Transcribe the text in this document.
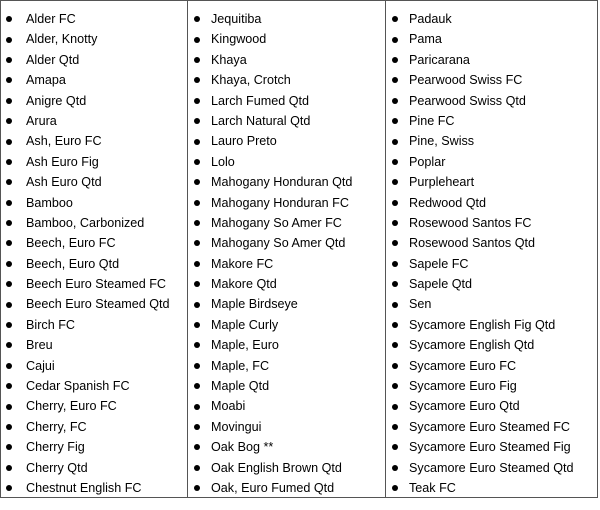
Alder FC
Alder, Knotty
Alder Qtd
Amapa
Anigre Qtd
Arura
Ash, Euro FC
Ash Euro Fig
Ash Euro Qtd
Bamboo
Bamboo, Carbonized
Beech, Euro FC
Beech, Euro Qtd
Beech Euro Steamed FC
Beech Euro Steamed Qtd
Birch FC
Breu
Cajui
Cedar Spanish FC
Cherry, Euro FC
Cherry, FC
Cherry Fig
Cherry Qtd
Chestnut English FC
Jequitiba
Kingwood
Khaya
Khaya, Crotch
Larch Fumed Qtd
Larch Natural Qtd
Lauro Preto
Lolo
Mahogany Honduran Qtd
Mahogany Honduran FC
Mahogany So Amer FC
Mahogany So Amer Qtd
Makore FC
Makore Qtd
Maple Birdseye
Maple Curly
Maple, Euro
Maple, FC
Maple Qtd
Moabi
Movingui
Oak Bog **
Oak English Brown Qtd
Oak, Euro Fumed Qtd
Padauk
Pama
Paricarana
Pearwood Swiss FC
Pearwood Swiss Qtd
Pine FC
Pine, Swiss
Poplar
Purpleheart
Redwood Qtd
Rosewood Santos FC
Rosewood Santos Qtd
Sapele FC
Sapele Qtd
Sen
Sycamore English Fig Qtd
Sycamore English Qtd
Sycamore Euro FC
Sycamore Euro Fig
Sycamore Euro Qtd
Sycamore Euro Steamed FC
Sycamore Euro Steamed Fig
Sycamore Euro Steamed Qtd
Teak FC
